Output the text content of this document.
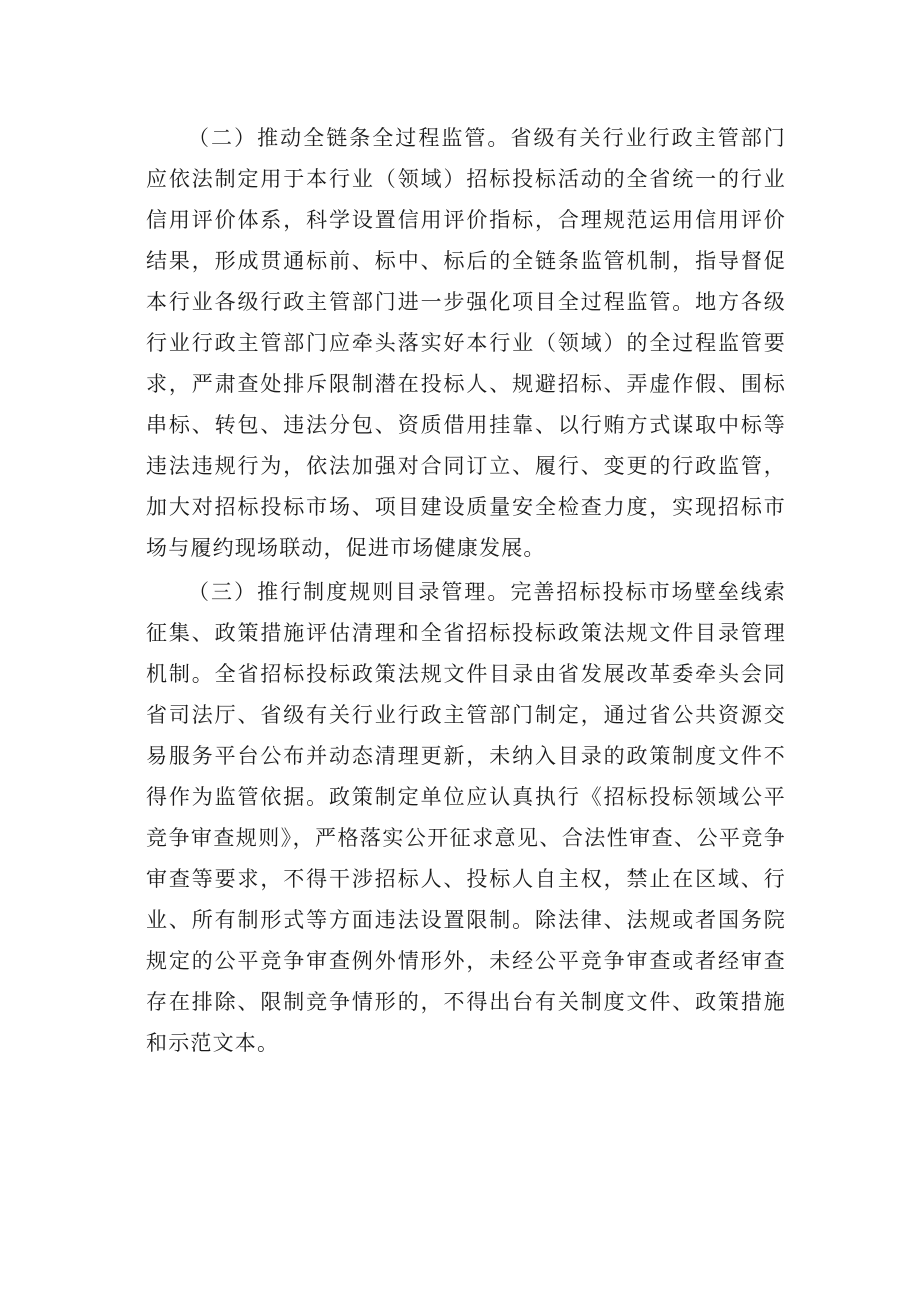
（二）推动全链条全过程监管。省级有关行业行政主管部门应依法制定用于本行业（领域）招标投标活动的全省统一的行业信用评价体系，科学设置信用评价指标，合理规范运用信用评价结果，形成贯通标前、标中、标后的全链条监管机制，指导督促本行业各级行政主管部门进一步强化项目全过程监管。地方各级行业行政主管部门应牵头落实好本行业（领域）的全过程监管要求，严肃查处排斥限制潜在投标人、规避招标、弄虚作假、围标串标、转包、违法分包、资质借用挂靠、以行贿方式谋取中标等违法违规行为，依法加强对合同订立、履行、变更的行政监管，加大对招标投标市场、项目建设质量安全检查力度，实现招标市场与履约现场联动，促进市场健康发展。

（三）推行制度规则目录管理。完善招标投标市场壁垒线索征集、政策措施评估清理和全省招标投标政策法规文件目录管理机制。全省招标投标政策法规文件目录由省发展改革委牵头会同省司法厅、省级有关行业行政主管部门制定，通过省公共资源交易服务平台公布并动态清理更新，未纳入目录的政策制度文件不得作为监管依据。政策制定单位应认真执行《招标投标领域公平竞争审查规则》，严格落实公开征求意见、合法性审查、公平竞争审查等要求，不得干涉招标人、投标人自主权，禁止在区域、行业、所有制形式等方面违法设置限制。除法律、法规或者国务院规定的公平竞争审查例外情形外，未经公平竞争审查或者经审查存在排除、限制竞争情形的，不得出台有关制度文件、政策措施和示范文本。
